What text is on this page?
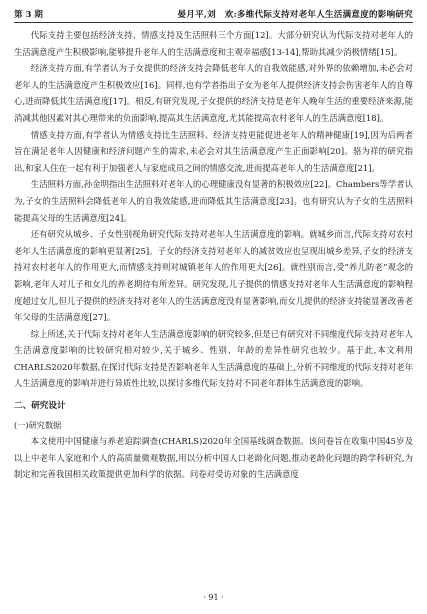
第 3 期	晏月平,刘　欢:多维代际支持对老年人生活满意度的影响研究

代际支持主要包括经济支持、情感支持及生活照料三个方面[12]。大部分研究认为代际支持对老年人的生活满意度产生积极影响,能够提升老年人的生活满意度和主观幸福感[13-14],帮助其减少消极情绪[15]。

经济支持方面,有学者认为子女提供的经济支持会降低老年人的自我效能感,对外界的依赖增加,未必会对老年人的生活满意度产生积极效应[16]。同样,也有学者指出子女为老年人提供经济支持会伤害老年人的自尊心,进而降低其生活满意度[17]。相反,有研究发现,子女提供的经济支持是老年人晚年生活的重要经济来源,能消减其他因素对其心理带来的负面影响,提高其生活满意度,尤其能提高农村老年人的生活满意度[18]。

情感支持方面,有学者认为情感支持比生活照料、经济支持更能促进老年人的精神健康[19],因为后两者旨在满足老年人因健康和经济问题产生的需求,未必会对其生活满意度产生正面影响[20]。骆为祥的研究指出,和家人住在一起有利于加强老人与家庭成员之间的情感交流,进而提高老年人的生活满意度[21]。

生活照料方面,孙金明指出生活照料对老年人的心理健康没有显著的积极效应[22]。Chambers等学者认为,子女的生活照料会降低老年人的自我效能感,进而降低其生活满意度[23]。也有研究认为子女的生活照料能提高父母的生活满意度[24]。

还有研究从城乡、子女性别视角研究代际支持对老年人生活满意度的影响。就城乡而言,代际支持对农村老年人生活满意度的影响更显著[25]。子女的经济支持对老年人的减贫效应也呈现出城乡差异,子女的经济支持对农村老年人的作用更大,而情感支持则对城镇老年人的作用更大[26]。就性别而言,受“养儿防老”观念的影响,老年人对儿子和女儿的养老期待有所差异。研究发现,儿子提供的情感支持对老年人生活满意度的影响程度超过女儿,但儿子提供的经济支持对老年人的生活满意度没有显著影响,而女儿提供的经济支持能显著改善老年父母的生活满意度[27]。

综上所述,关于代际支持对老年人生活满意度影响的研究较多,但是已有研究对不同维度代际支持对老年人生活满意度影响的比较研究相对较少,关于城乡、性别、年龄的差异性研究也较少。基于此,本文利用CHARLS2020年数据,在探讨代际支持是否影响老年人生活满意度的基础上,分析不同维度的代际支持对老年人生活满意度的影响并进行异质性比较,以探讨多维代际支持对不同老年群体生活满意度的影响。

二、研究设计
(一)研究数据

本文使用中国健康与养老追踪调查(CHARLS)2020年全国基线调查数据。该问卷旨在收集中国45岁及以上中老年人家庭和个人的高质量微观数据,用以分析中国人口老龄化问题,推动老龄化问题的跨学科研究,为制定和完善我国相关政策提供更加科学的依据。问卷对受访对象的生活满意度

· 91 ·
